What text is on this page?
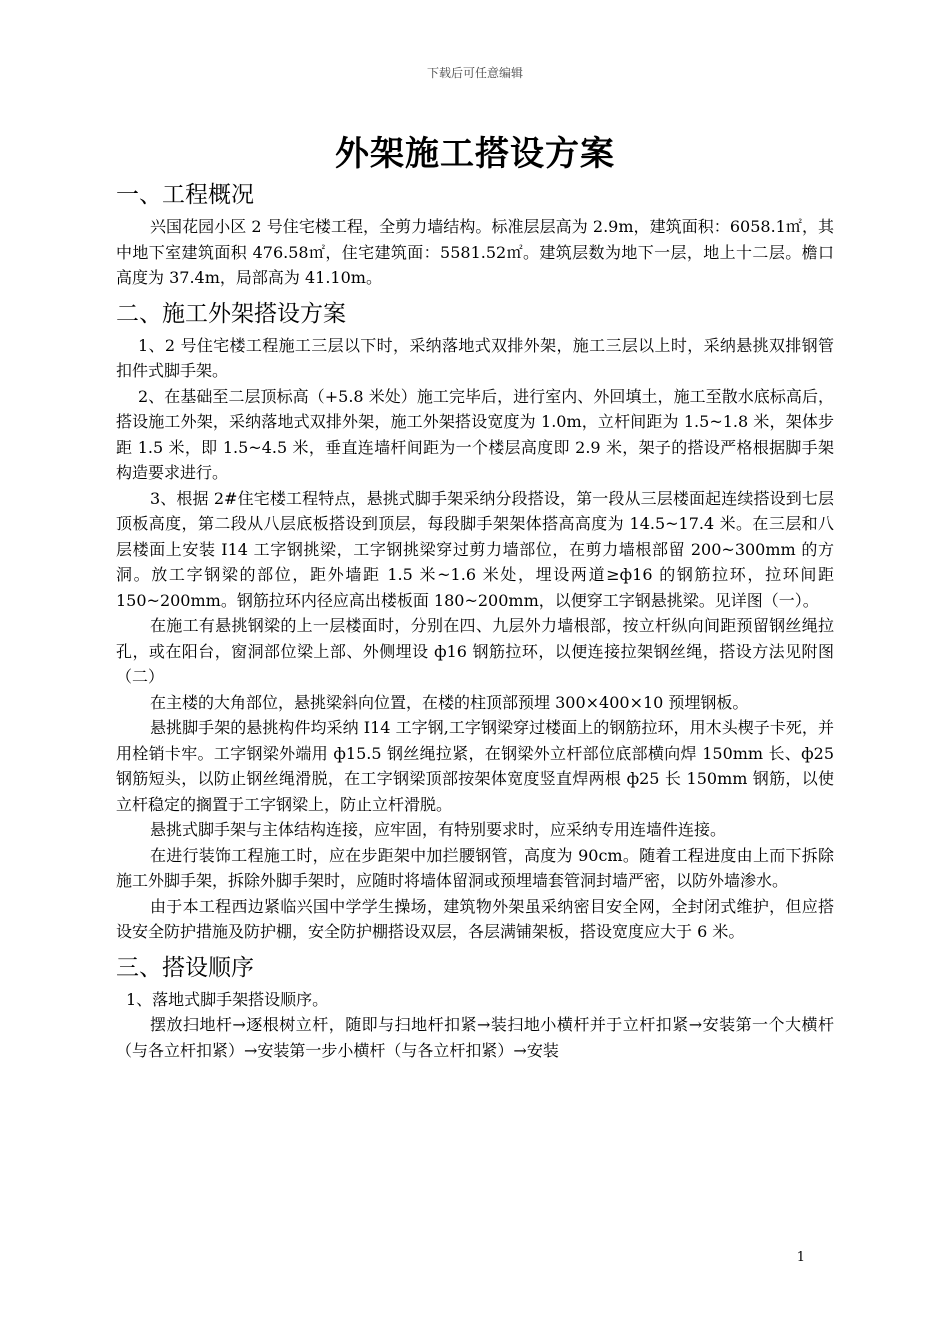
下载后可任意编辑
外架施工搭设方案
一、工程概况

兴国花园小区 2 号住宅楼工程，全剪力墙结构。标准层层高为 2.9m，建筑面积：6058.1㎡，其中地下室建筑面积 476.58㎡，住宅建筑面：5581.52㎡。建筑层数为地下一层，地上十二层。檐口高度为 37.4m，局部高为 41.10m。

二、施工外架搭设方案

1、2 号住宅楼工程施工三层以下时，采纳落地式双排外架，施工三层以上时，采纳悬挑双排钢管扣件式脚手架。

2、在基础至二层顶标高（+5.8 米处）施工完毕后，进行室内、外回填土，施工至散水底标高后，搭设施工外架，采纳落地式双排外架，施工外架搭设宽度为 1.0m，立杆间距为 1.5~1.8 米，架体步距 1.5 米，即 1.5~4.5 米，垂直连墙杆间距为一个楼层高度即 2.9 米，架子的搭设严格根据脚手架构造要求进行。

3、根据 2#住宅楼工程特点，悬挑式脚手架采纳分段搭设，第一段从三层楼面起连续搭设到七层顶板高度，第二段从八层底板搭设到顶层，每段脚手架架体搭高高度为 14.5~17.4 米。在三层和八层楼面上安装 I14 工字钢挑梁，工字钢挑梁穿过剪力墙部位，在剪力墙根部留 200~300mm 的方洞。放工字钢梁的部位，距外墙距 1.5 米~1.6 米处，埋设两道≥ф16 的钢筋拉环，拉环间距 150~200mm。钢筋拉环内径应高出楼板面 180~200mm，以便穿工字钢悬挑梁。见详图（一）。

在施工有悬挑钢梁的上一层楼面时，分别在四、九层外力墙根部，按立杆纵向间距预留钢丝绳拉孔，或在阳台，窗洞部位梁上部、外侧埋设 ф16 钢筋拉环，以便连接拉架钢丝绳，搭设方法见附图（二）

在主楼的大角部位，悬挑梁斜向位置，在楼的柱顶部预埋 300×400×10 预埋钢板。

悬挑脚手架的悬挑构件均采纳 I14 工字钢,工字钢梁穿过楼面上的钢筋拉环，用木头楔子卡死，并用栓销卡牢。工字钢梁外端用 ф15.5 钢丝绳拉紧，在钢梁外立杆部位底部横向焊 150mm 长、ф25 钢筋短头，以防止钢丝绳滑脱，在工字钢梁顶部按架体宽度竖直焊两根 ф25 长 150mm 钢筋，以使立杆稳定的搁置于工字钢梁上，防止立杆滑脱。

悬挑式脚手架与主体结构连接，应牢固，有特别要求时，应采纳专用连墙件连接。

在进行装饰工程施工时，应在步距架中加拦腰钢管，高度为 90cm。随着工程进度由上而下拆除施工外脚手架，拆除外脚手架时，应随时将墙体留洞或预埋墙套管洞封墙严密，以防外墙渗水。

由于本工程西边紧临兴国中学学生操场，建筑物外架虽采纳密目安全网，全封闭式维护，但应搭设安全防护措施及防护棚，安全防护棚搭设双层，各层满铺架板，搭设宽度应大于 6 米。

三、搭设顺序

1、落地式脚手架搭设顺序。

摆放扫地杆→逐根树立杆，随即与扫地杆扣紧→装扫地小横杆并于立杆扣紧→安装第一个大横杆（与各立杆扣紧）→安装第一步小横杆（与各立杆扣紧）→安装

1
